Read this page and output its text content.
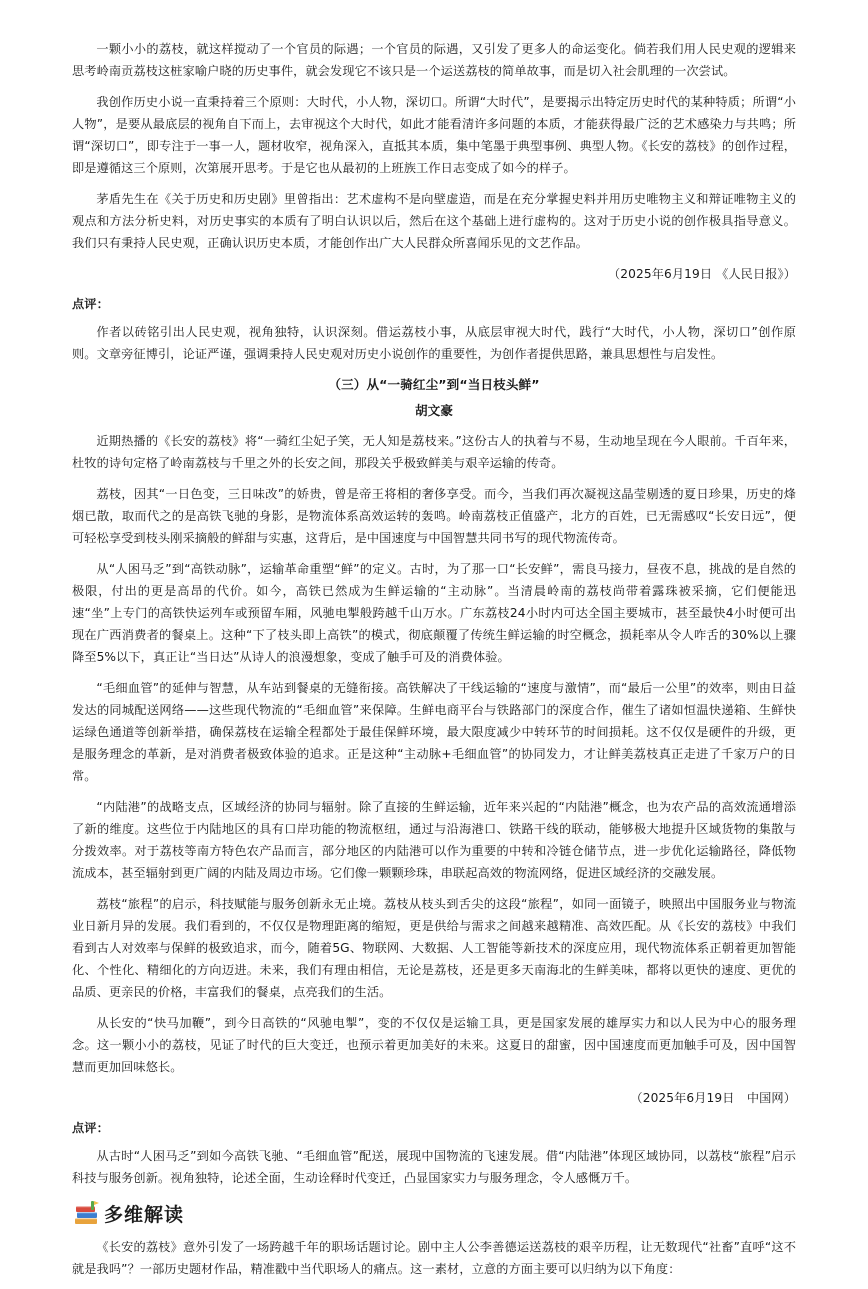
一颗小小的荔枝，就这样搅动了一个官员的际遇；一个官员的际遇，又引发了更多人的命运变化。倘若我们用人民史观的逻辑来思考岭南贡荔枝这桩家喻户晓的历史事件，就会发现它不该只是一个运送荔枝的简单故事，而是切入社会肌理的一次尝试。

我创作历史小说一直秉持着三个原则：大时代，小人物，深切口。所谓“大时代”，是要揭示出特定历史时代的某种特质；所谓“小人物”，是要从最底层的视角自下而上，去审视这个大时代，如此才能看清许多问题的本质，才能获得最广泛的艺术感染力与共鸣；所谓“深切口”，即专注于一事一人，题材收窄，视角深入，直抵其本质，集中笔墨于典型事例、典型人物。《长安的荔枝》的创作过程，即是遵循这三个原则，次第展开思考。于是它也从最初的上班族工作日志变成了如今的样子。

茅盾先生在《关于历史和历史剧》里曾指出：艺术虚构不是向壁虚造，而是在充分掌握史料并用历史唯物主义和辩证唯物主义的观点和方法分析史料，对历史事实的本质有了明白认识以后，然后在这个基础上进行虚构的。这对于历史小说的创作极具指导意义。我们只有秉持人民史观，正确认识历史本质，才能创作出广大人民群众所喜闻乐见的文艺作品。

（2025年6月19日 《人民日报》）

点评：

作者以砖铭引出人民史观，视角独特，认识深刻。借运荔枝小事，从底层审视大时代，践行“大时代，小人物，深切口”创作原则。文章旁征博引，论证严谨，强调秉持人民史观对历史小说创作的重要性，为创作者提供思路，兼具思想性与启发性。

（三）从“一骑红尘”到“当日枝头鲜”

胡文豪

近期热播的《长安的荔枝》将“一骑红尘妃子笑，无人知是荔枝来。”这份古人的执着与不易，生动地呈现在今人眼前。千百年来，杜牧的诗句定格了岭南荔枝与千里之外的长安之间，那段关乎极致鲜美与艰辛运输的传奇。

荔枝，因其“一日色变，三日味改”的娇贵，曾是帝王将相的奢侈享受。而今，当我们再次凝视这晶莹剔透的夏日珍果，历史的烽烟已散，取而代之的是高铁飞驰的身影，是物流体系高效运转的轰鸣。岭南荔枝正值盛产，北方的百姓，已无需感叹“长安日远”，便可轻松享受到枝头刚采摘般的鲜甜与实惠，这背后，是中国速度与中国智慧共同书写的现代物流传奇。

从“人困马乏”到“高铁动脉”，运输革命重塑“鲜”的定义。古时，为了那一口“长安鲜”，需良马接力，昼夜不息，挑战的是自然的极限，付出的更是高昂的代价。如今，高铁已然成为生鲜运输的“主动脉”。当清晨岭南的荔枝尚带着露珠被采摘，它们便能迅速“坐”上专门的高铁快运列车或预留车厢，风驰电掣般跨越千山万水。广东荔枝24小时内可达全国主要城市，甚至最快4小时便可出现在广西消费者的餐桌上。这种“下了枝头即上高铁”的模式，彻底颠覆了传统生鲜运输的时空概念，损耗率从令人咋舌的30%以上骤降至5%以下，真正让“当日达”从诗人的浪漫想象，变成了触手可及的消费体验。

“毛细血管”的延伸与智慧，从车站到餐桌的无缝衔接。高铁解决了干线运输的“速度与激情”，而“最后一公里”的效率，则由日益发达的同城配送网络——这些现代物流的“毛细血管”来保障。生鲜电商平台与铁路部门的深度合作，催生了诸如恒温快递箱、生鲜快运绿色通道等创新举措，确保荔枝在运输全程都处于最佳保鲜环境，最大限度减少中转环节的时间损耗。这不仅仅是硬件的升级，更是服务理念的革新，是对消费者极致体验的追求。正是这种“主动脉+毛细血管”的协同发力，才让鲜美荔枝真正走进了千家万户的日常。

“内陆港”的战略支点，区域经济的协同与辐射。除了直接的生鲜运输，近年来兴起的“内陆港”概念，也为农产品的高效流通增添了新的维度。这些位于内陆地区的具有口岸功能的物流枢纽，通过与沿海港口、铁路干线的联动，能够极大地提升区域货物的集散与分拨效率。对于荔枝等南方特色农产品而言，部分地区的内陆港可以作为重要的中转和冷链仓储节点，进一步优化运输路径，降低物流成本，甚至辐射到更广阔的内陆及周边市场。它们像一颗颗珍珠，串联起高效的物流网络，促进区域经济的交融发展。

荔枝“旅程”的启示，科技赋能与服务创新永无止境。荔枝从枝头到舌尖的这段“旅程”，如同一面镜子，映照出中国服务业与物流业日新月异的发展。我们看到的，不仅仅是物理距离的缩短，更是供给与需求之间越来越精准、高效匹配。从《长安的荔枝》中我们看到古人对效率与保鲜的极致追求，而今，随着5G、物联网、大数据、人工智能等新技术的深度应用，现代物流体系正朝着更加智能化、个性化、精细化的方向迈进。未来，我们有理由相信，无论是荔枝，还是更多天南海北的生鲜美味，都将以更快的速度、更优的品质、更亲民的价格，丰富我们的餐桌，点亮我们的生活。

从长安的“快马加鞭”，到今日高铁的“风驰电掣”，变的不仅仅是运输工具，更是国家发展的雄厚实力和以人民为中心的服务理念。这一颗小小的荔枝，见证了时代的巨大变迁，也预示着更加美好的未来。这夏日的甜蜜，因中国速度而更加触手可及，因中国智慧而更加回味悠长。

（2025年6月19日　中国网）

点评：

从古时“人困马乏”到如今高铁飞驰、“毛细血管”配送，展现中国物流的飞速发展。借“内陆港”体现区域协同，以荔枝“旅程”启示科技与服务创新。视角独特，论述全面，生动诠释时代变迁，凸显国家实力与服务理念，令人感慨万千。

多维解读

《长安的荔枝》意外引发了一场跨越千年的职场话题讨论。剧中主人公李善德运送荔枝的艰辛历程，让无数现代“社畜”直呼“这不就是我吗”？一部历史题材作品，精准戳中当代职场人的痛点。这一素材，立意的方面主要可以归纳为以下角度：
